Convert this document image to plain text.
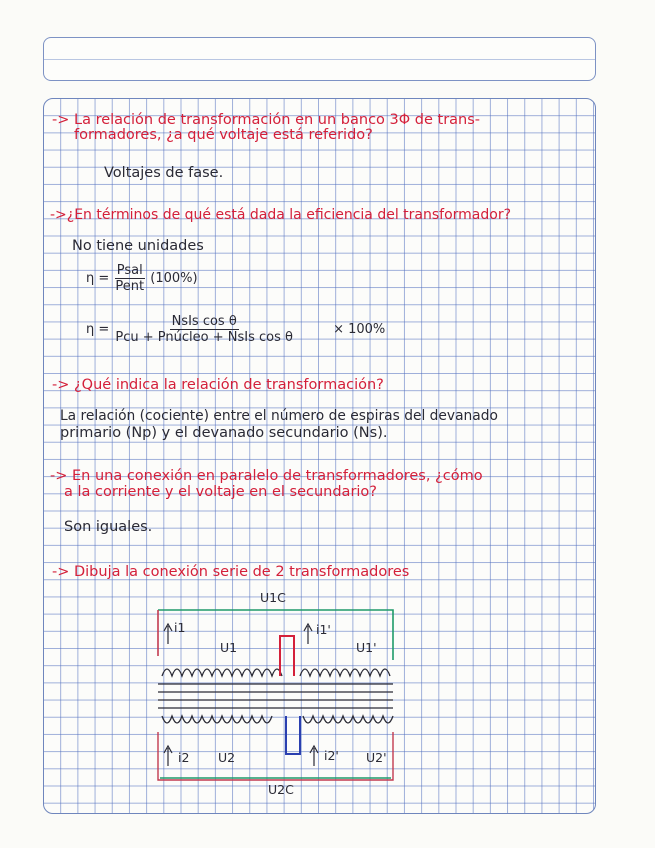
-> La relación de transformación en un banco 3Φ de trans-
formadores, ¿a qué voltaje está referido?
Voltajes de fase.
->¿En términos de qué está dada la eficiencia del transformador?
No tiene unidades
$\eta = \frac{\text{Psal}}{\text{Pent}} (100\%)$
$\eta = \frac{\text{NsIs cos θ}}{\text{Pcu + Pnúcleo + NsIs cos θ}}$	× 100%
-> ¿Qué indica la relación de transformación?
La relación (cociente) entre el número de espiras del devanado
primario (Np) y el devanado secundario (Ns).
-> En una conexión en paralelo de transformadores, ¿cómo
a la corriente y el voltaje en el secundario?
Son iguales.
-> Dibuja la conexión serie de 2 transformadores
U1C
i1	i1'
U1	U1'
i2 U2	i2' U2'
U2C
